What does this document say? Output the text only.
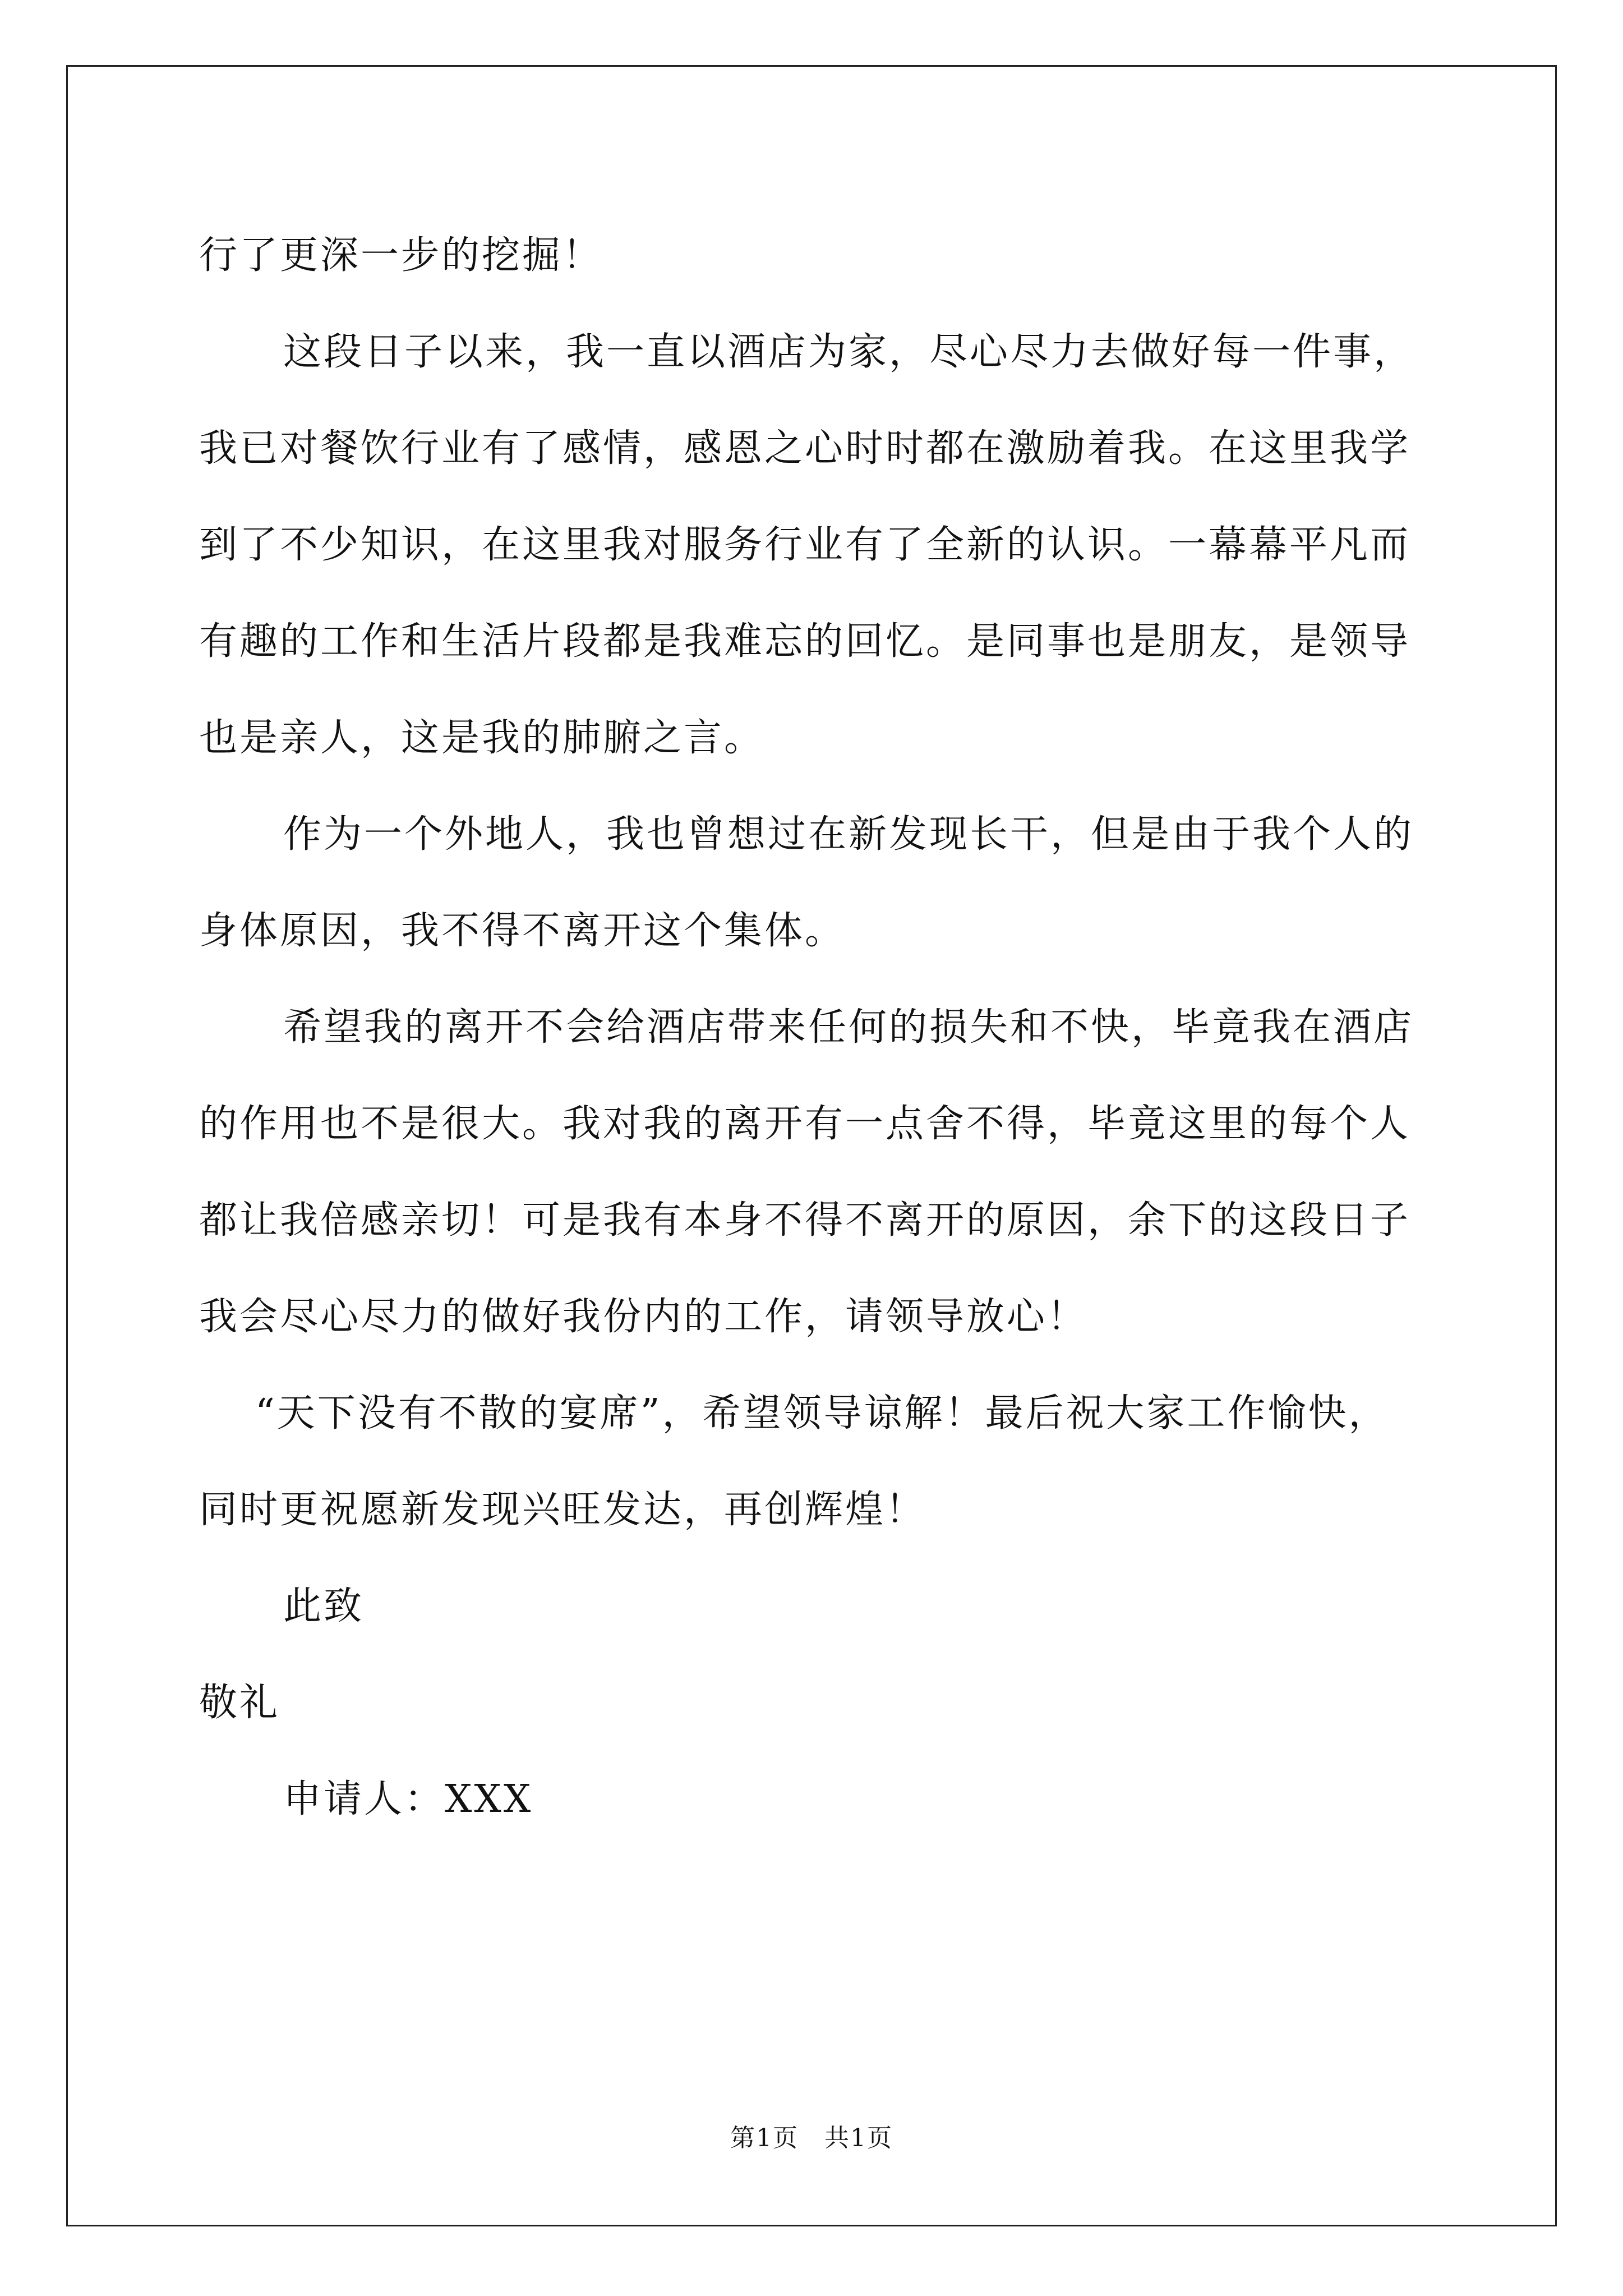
行了更深一步的挖掘！
这段日子以来，我一直以酒店为家，尽心尽力去做好每一件事，
我已对餐饮行业有了感情，感恩之心时时都在激励着我。在这里我学
到了不少知识，在这里我对服务行业有了全新的认识。一幕幕平凡而
有趣的工作和生活片段都是我难忘的回忆。是同事也是朋友，是领导
也是亲人，这是我的肺腑之言。
作为一个外地人，我也曾想过在新发现长干，但是由于我个人的
身体原因，我不得不离开这个集体。
希望我的离开不会给酒店带来任何的损失和不快，毕竟我在酒店
的作用也不是很大。我对我的离开有一点舍不得，毕竟这里的每个人
都让我倍感亲切！可是我有本身不得不离开的原因，余下的这段日子
我会尽心尽力的做好我份内的工作，请领导放心！
“天下没有不散的宴席”，希望领导谅解！最后祝大家工作愉快，
同时更祝愿新发现兴旺发达，再创辉煌！
此致
敬礼
申请人：XXX
第1页　共1页
